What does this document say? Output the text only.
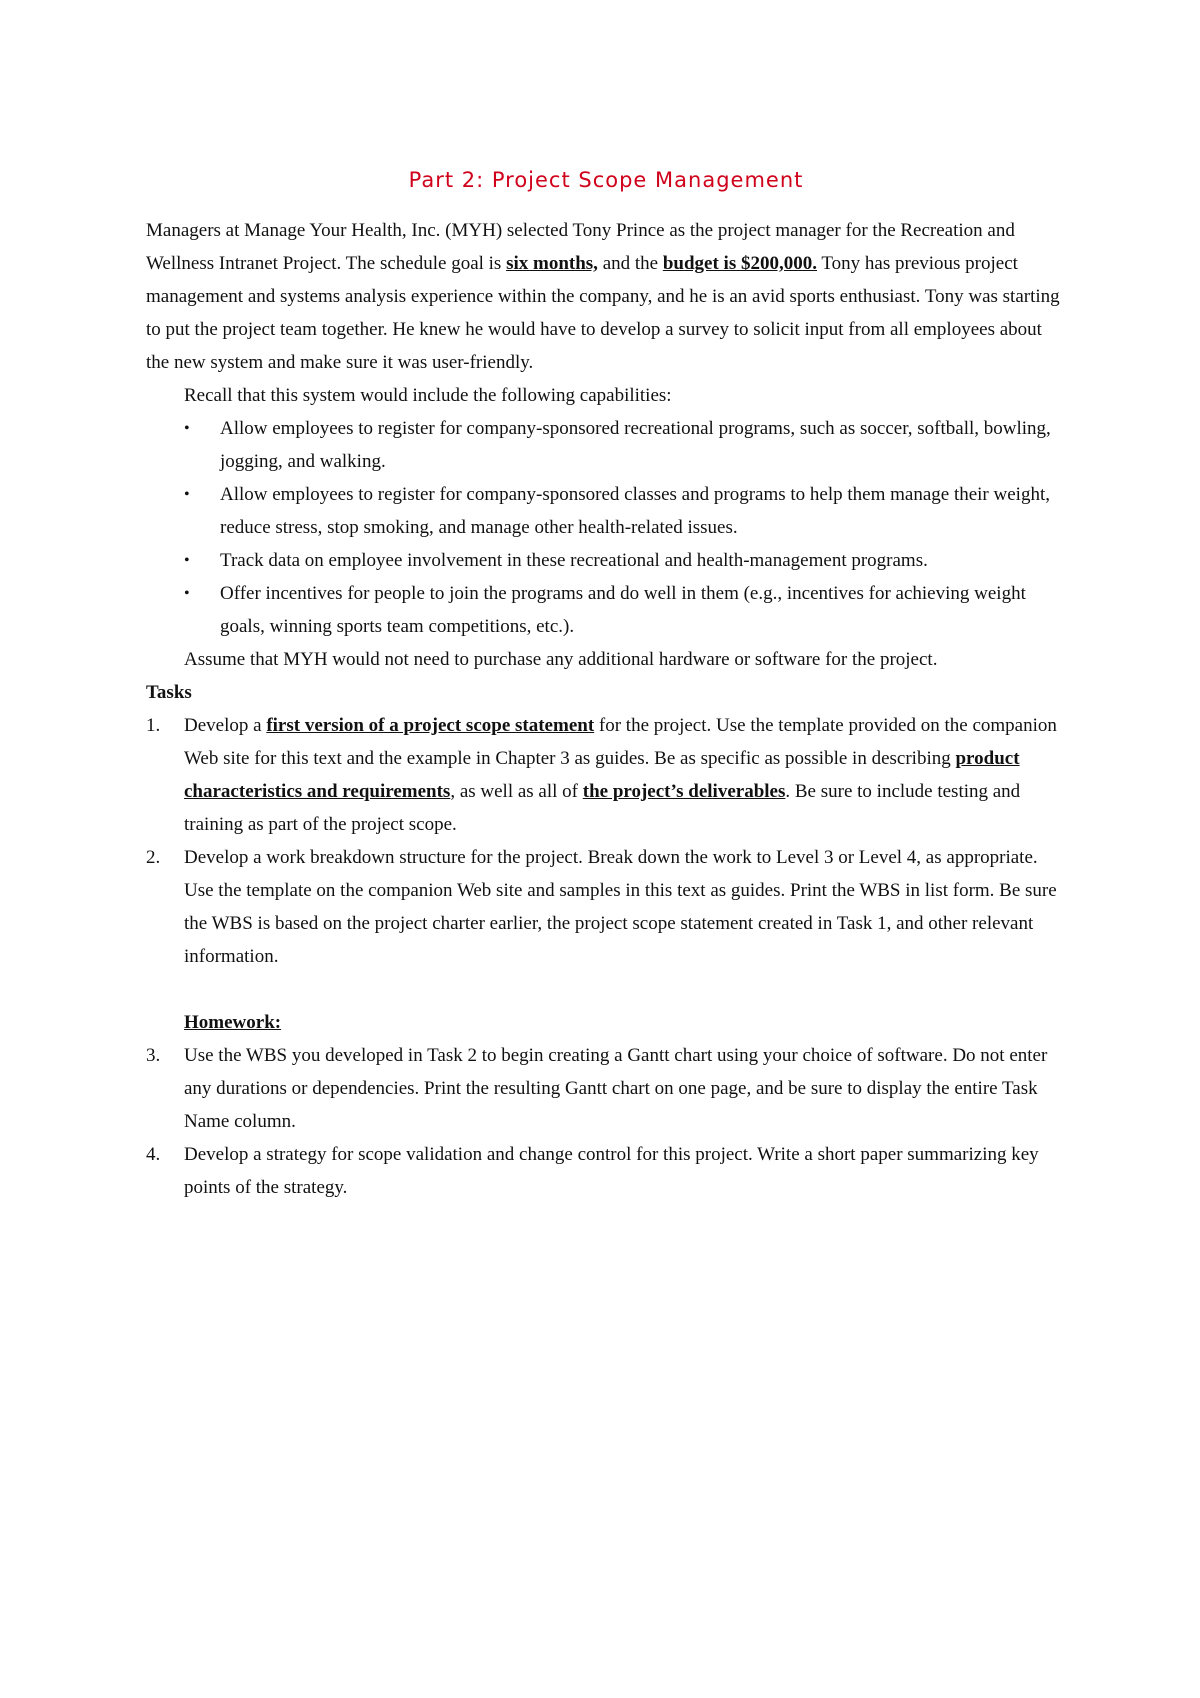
Part 2: Project Scope Management

Managers at Manage Your Health, Inc. (MYH) selected Tony Prince as the project manager for the Recreation and Wellness Intranet Project. The schedule goal is six months, and the budget is $200,000. Tony has previous project management and systems analysis experience within the company, and he is an avid sports enthusiast. Tony was starting to put the project team together. He knew he would have to develop a survey to solicit input from all employees about the new system and make sure it was user-friendly.

Recall that this system would include the following capabilities:

• Allow employees to register for company-sponsored recreational programs, such as soccer, softball, bowling, jogging, and walking.
• Allow employees to register for company-sponsored classes and programs to help them manage their weight, reduce stress, stop smoking, and manage other health-related issues.
• Track data on employee involvement in these recreational and health-management programs.
• Offer incentives for people to join the programs and do well in them (e.g., incentives for achieving weight goals, winning sports team competitions, etc.).

Assume that MYH would not need to purchase any additional hardware or software for the project.

Tasks

1. Develop a first version of a project scope statement for the project. Use the template provided on the companion Web site for this text and the example in Chapter 3 as guides. Be as specific as possible in describing product characteristics and requirements, as well as all of the project’s deliverables. Be sure to include testing and training as part of the project scope.
2. Develop a work breakdown structure for the project. Break down the work to Level 3 or Level 4, as appropriate. Use the template on the companion Web site and samples in this text as guides. Print the WBS in list form. Be sure the WBS is based on the project charter earlier, the project scope statement created in Task 1, and other relevant information.

Homework:

3. Use the WBS you developed in Task 2 to begin creating a Gantt chart using your choice of software. Do not enter any durations or dependencies. Print the resulting Gantt chart on one page, and be sure to display the entire Task Name column.
4. Develop a strategy for scope validation and change control for this project. Write a short paper summarizing key points of the strategy.
